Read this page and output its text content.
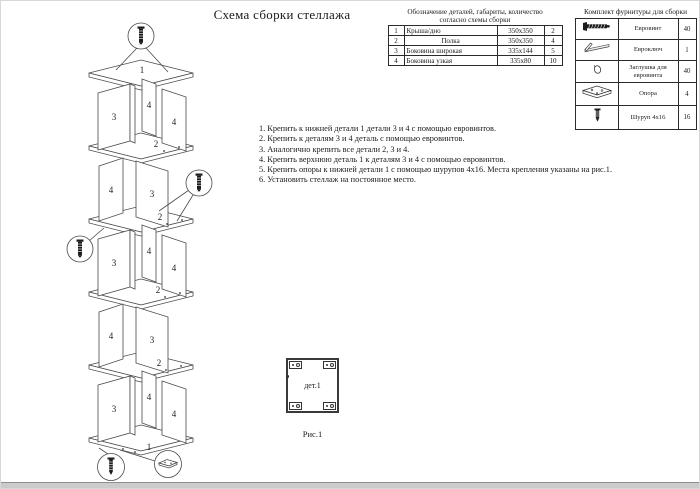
1
2
2
2
2
1
3
4
4
4	3
3
4
4
4	3
3
4
4
Схема сборки стеллажа	Обозначение деталей, габариты, количество
согласно схемы сборки
1	Крыша/дно	350х350	2
2	Полка	350х350	4
3	Боковина широкая	335х144	5
4	Боковина узкая	335х80	10
Комплект фурнитуры для сборки
	Евровинт	40
	Евроключ	1
	Заглушка для евровинта	40
	Опора	4
	Шуруп 4х16	16
1. Крепить к нижней детали 1 детали 3 и 4 с помощью евровинтов.
2. Крепить к деталям 3 и 4 деталь с помощью евровинтов.
3. Аналогично крепить все детали 2, 3 и 4.
4. Крепить верхнюю деталь 1 к деталям 3 и 4 с помощью евровинтов.
5. Крепить опоры к нижней детали 1 с помощью шурупов 4х16. Места крепления указаны на рис.1.
6. Установить стеллаж на постоянное место.
дет.1
Рис.1
